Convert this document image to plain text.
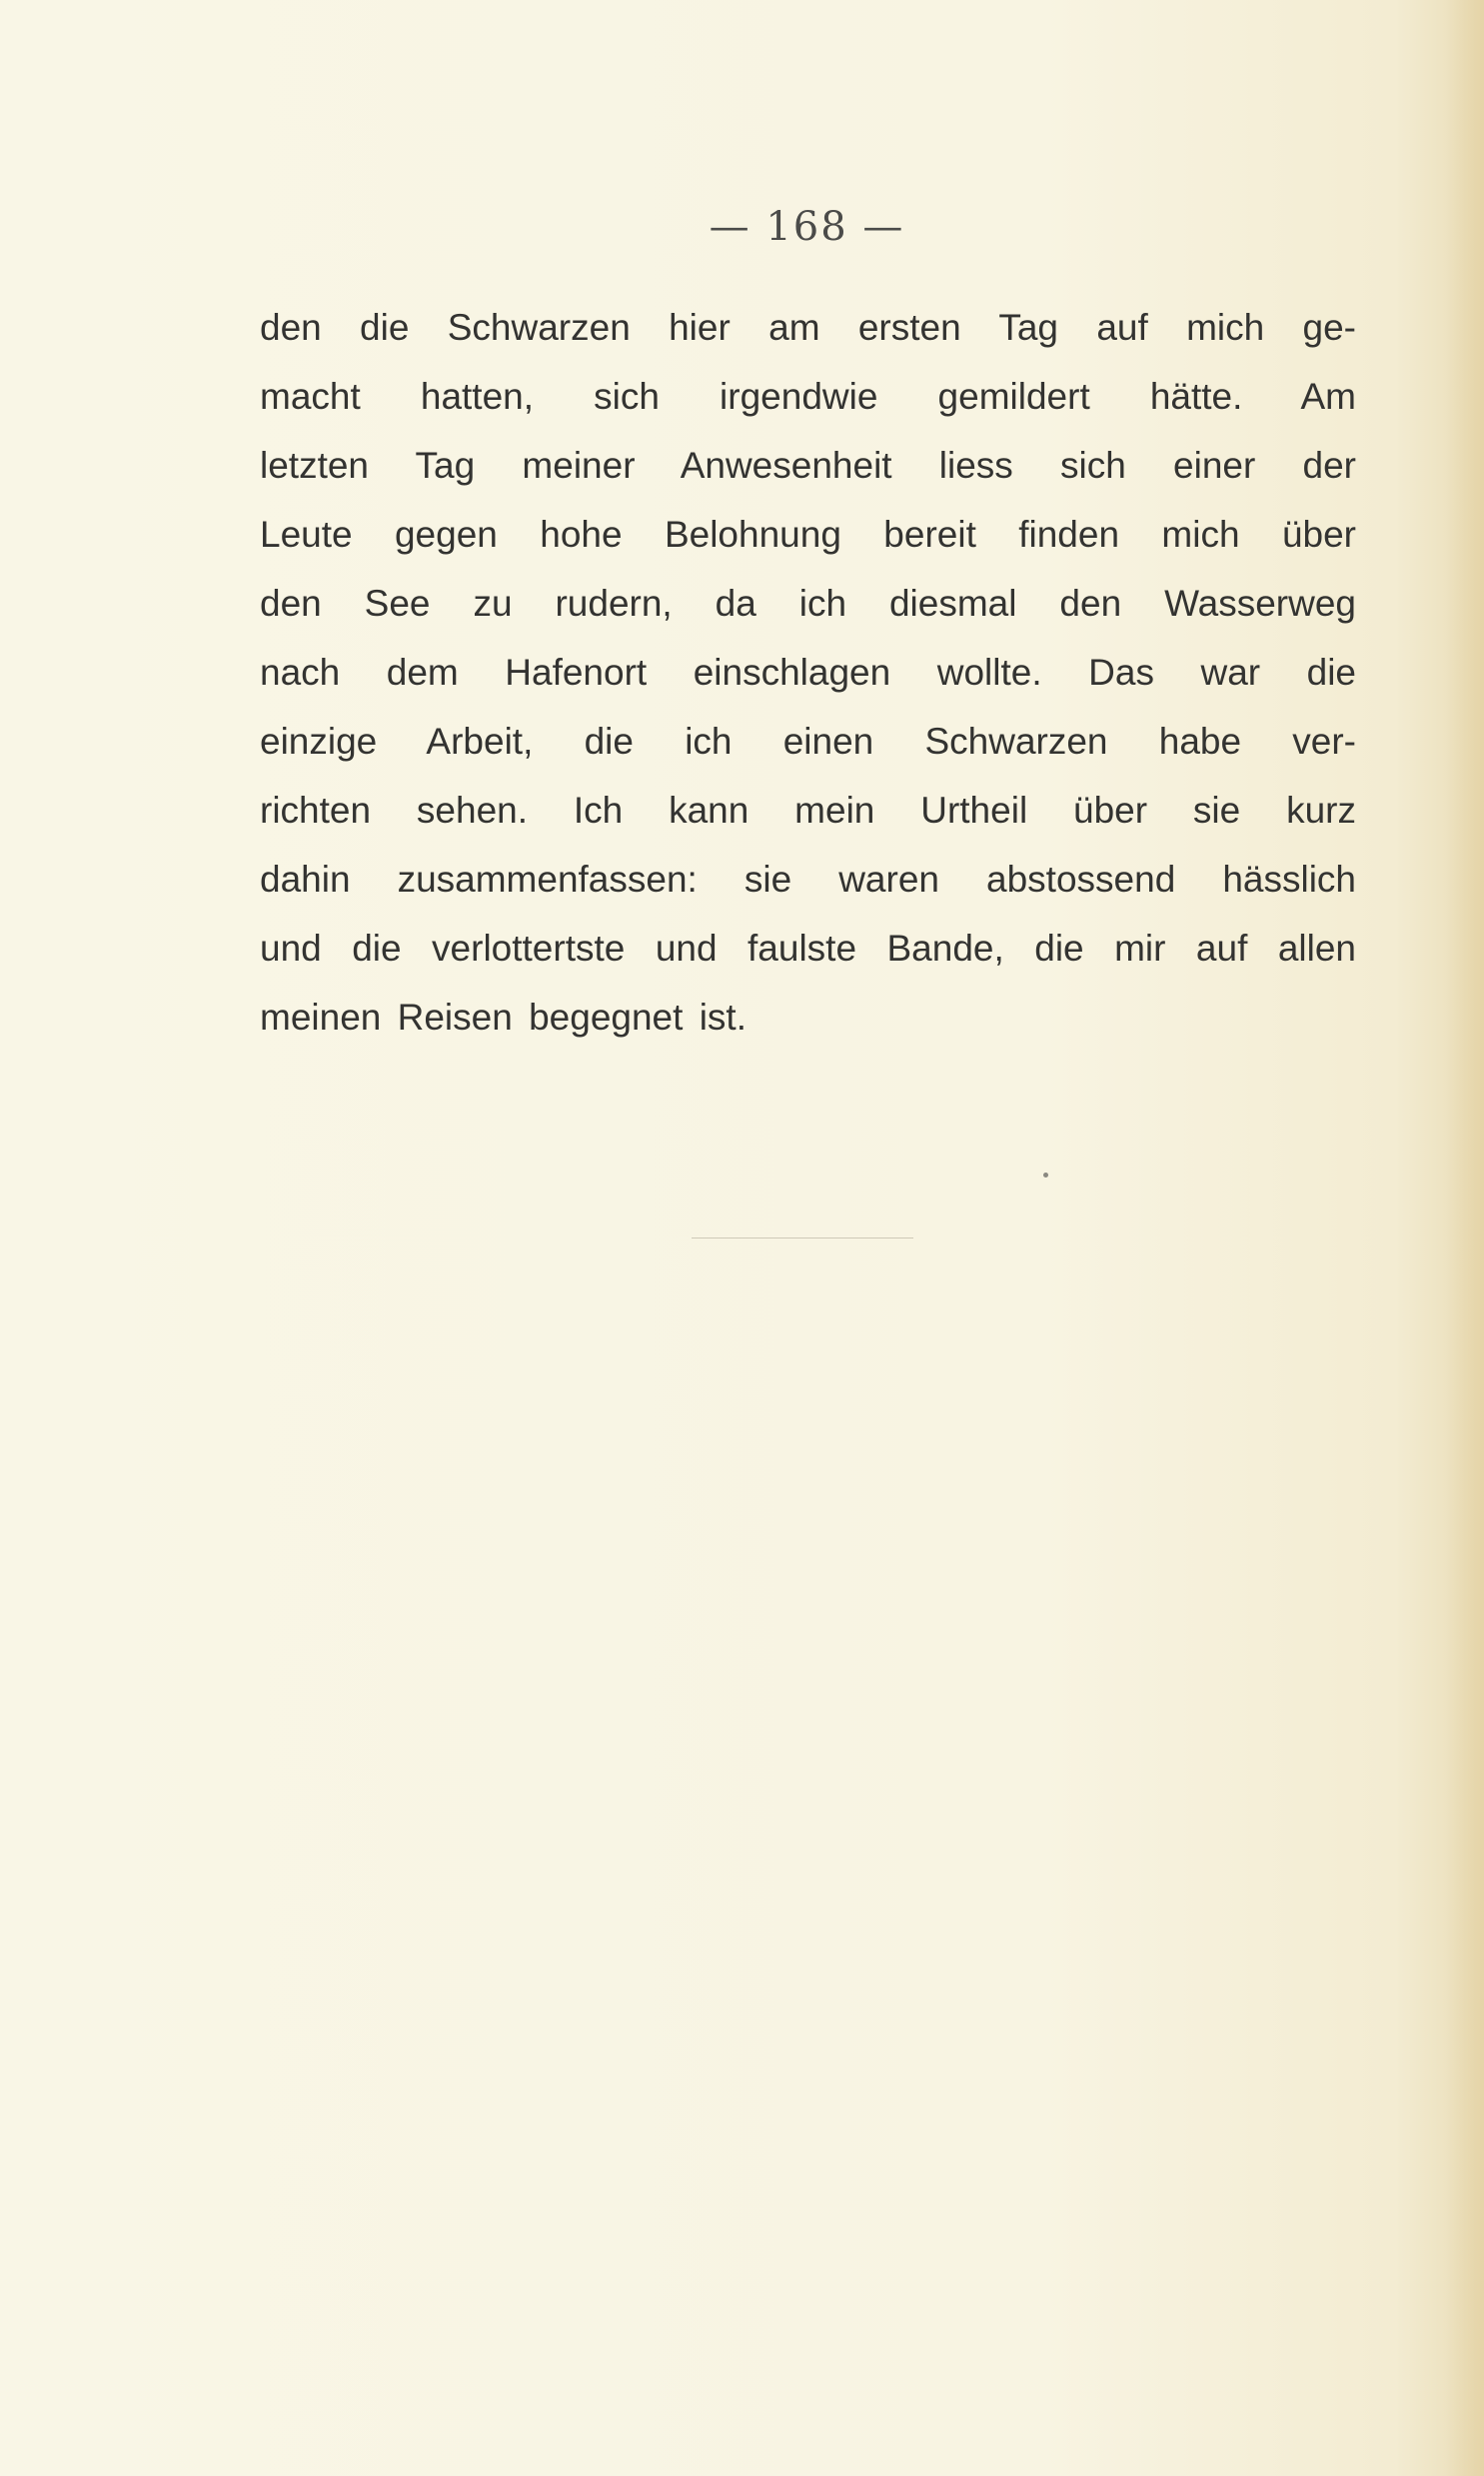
— 168 —
den die Schwarzen hier am ersten Tag auf mich ge-
macht hatten, sich irgendwie gemildert hätte. Am
letzten Tag meiner Anwesenheit liess sich einer der
Leute gegen hohe Belohnung bereit finden mich über
den See zu rudern, da ich diesmal den Wasserweg
nach dem Hafenort einschlagen wollte. Das war die
einzige Arbeit, die ich einen Schwarzen habe ver-
richten sehen. Ich kann mein Urtheil über sie kurz
dahin zusammenfassen: sie waren abstossend hässlich
und die verlottertste und faulste Bande, die mir auf allen
meinen Reisen begegnet ist.
